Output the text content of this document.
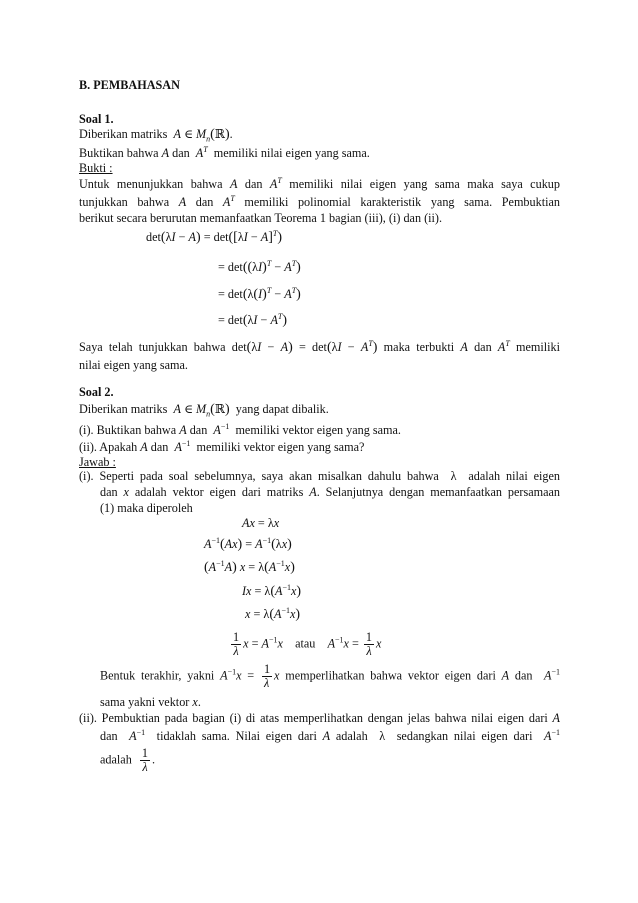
B. PEMBAHASAN
Soal 1.
Diberikan matriks A ∈ $M_n(ℝ)$.
Buktikan bahwa A dan $A^T$ memiliki nilai eigen yang sama.
Bukti :
Untuk menunjukkan bahwa A dan $A^T$ memiliki nilai eigen yang sama maka saya cukup
tunjukkan bahwa A dan $A^T$ memiliki polinomial karakteristik yang sama. Pembuktian
berikut secara berurutan memanfaatkan Teorema 1 bagian (iii), (i) dan (ii).
$\det(\lambda I - A) = \det([\lambda I - A]^T)$
= $\det((\lambda I)^T - A^T)$
= $\det(\lambda(I)^T - A^T)$
= $\det(\lambda I - A^T)$
Saya telah tunjukkan bahwa $\det(\lambda I - A) = \det(\lambda I - A^T)$ maka terbukti A dan $A^T$ memiliki
nilai eigen yang sama.
Soal 2.
Diberikan matriks A ∈ $M_n(ℝ)$ yang dapat dibalik.
(i). Buktikan bahwa A dan  $A^{-1}$ memiliki vektor eigen yang sama.
(ii). Apakah A dan  $A^{-1}$ memiliki vektor eigen yang sama?
Jawab :
(i). Seperti pada soal sebelumnya, saya akan misalkan dahulu bahwa  λ  adalah nilai eigen
dan x adalah vektor eigen dari matriks A. Selanjutnya dengan memanfaatkan persamaan
(1) maka diperoleh
Ax = λx
$A^{-1}(Ax) = A^{-1}(\lambda x)$
$(A^{-1}A) x = \lambda(A^{-1}x)$
$Ix = \lambda(A^{-1}x)$
$x = \lambda(A^{-1}x)$
$\frac{1}{\lambda}$ $x = A^{-1}x$ atau $A^{-1}x = \frac{1}{\lambda}$ x
Bentuk terakhir, yakni $A^{-1}x = \frac{1}{\lambda}$ x memperlihatkan bahwa vektor eigen dari A dan  $A^{-1}$
sama yakni vektor x.
(ii). Pembuktian pada bagian (i) di atas memperlihatkan dengan jelas bahwa nilai eigen dari A
dan  $A^{-1}$  tidaklah sama. Nilai eigen dari A adalah  λ  sedangkan nilai eigen dari  $A^{-1}$
adalah $\frac{1}{\lambda}$ .
